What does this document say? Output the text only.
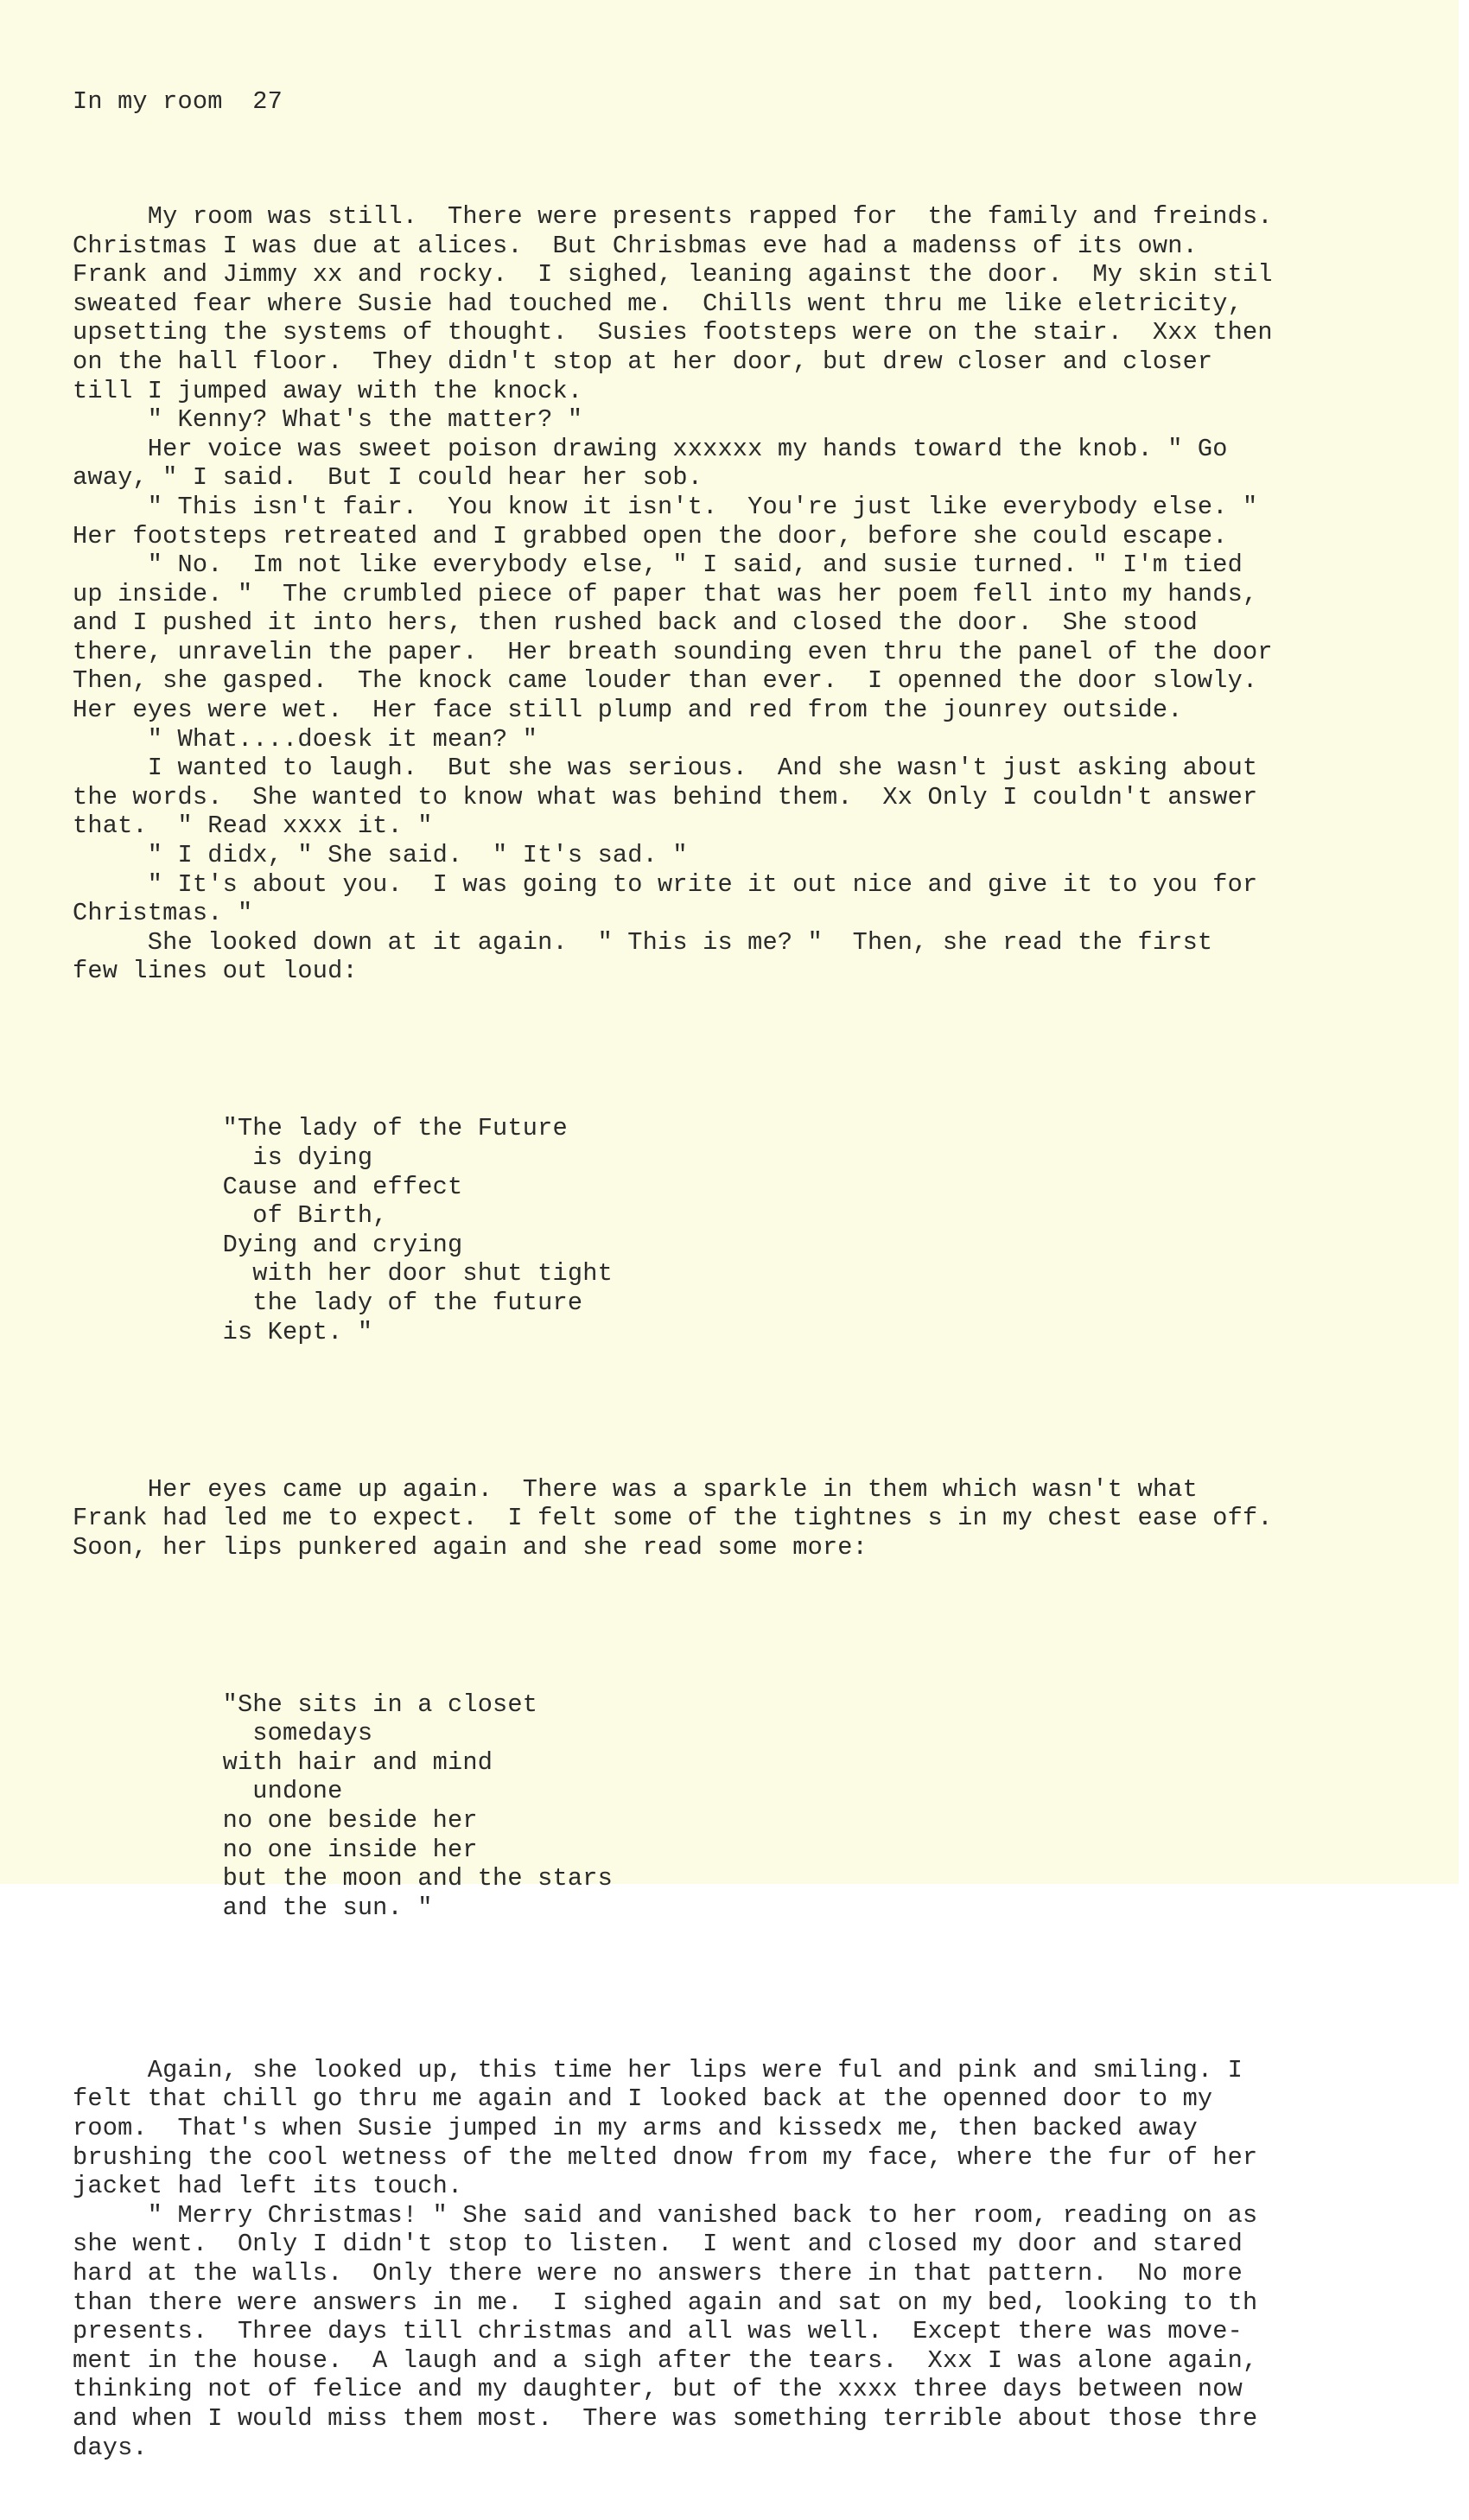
In my room  27

My room was still.  There were presents rapped for  the family and freinds.
Christmas I was due at alices.  But Chrisbmas eve had a madenss of its own.
Frank and Jimmy xx and rocky.  I sighed, leaning against the door.  My skin stil
sweated fear where Susie had touched me.  Chills went thru me like eletricity,
upsetting the systems of thought.  Susies footsteps were on the stair.  Xxx then
on the hall floor.  They didn't stop at her door, but drew closer and closer
till I jumped away with the knock.
" Kenny? What's the matter? "
Her voice was sweet poison drawing xxxxxx my hands toward the knob. " Go
away, " I said.  But I could hear her sob.
" This isn't fair.  You know it isn't.  You're just like everybody else. "
Her footsteps retreated and I grabbed open the door, before she could escape.
" No.  Im not like everybody else, " I said, and susie turned. " I'm tied
up inside. "  The crumbled piece of paper that was her poem fell into my hands,
and I pushed it into hers, then rushed back and closed the door.  She stood
there, unravelin the paper.  Her breath sounding even thru the panel of the door
Then, she gasped.  The knock came louder than ever.  I openned the door slowly.
Her eyes were wet.  Her face still plump and red from the jounrey outside.
" What....doesk it mean? "
I wanted to laugh.  But she was serious.  And she wasn't just asking about
the words.  She wanted to know what was behind them.  Xx Only I couldn't answer
that.  " Read xxxx it. "
" I didx, " She said.  " It's sad. "
" It's about you.  I was going to write it out nice and give it to you for
Christmas. "
She looked down at it again.  " This is me? "  Then, she read the first
few lines out loud:

"The lady of the Future
is dying
Cause and effect
of Birth,
Dying and crying
with her door shut tight
the lady of the future
is Kept. "

Her eyes came up again.  There was a sparkle in them which wasn't what
Frank had led me to expect.  I felt some of the tightnes s in my chest ease off.
Soon, her lips punkered again and she read some more:

"She sits in a closet
somedays
with hair and mind
undone
no one beside her
no one inside her
but the moon and the stars
and the sun. "

Again, she looked up, this time her lips were ful and pink and smiling. I
felt that chill go thru me again and I looked back at the openned door to my
room.  That's when Susie jumped in my arms and kissedx me, then backed away
brushing the cool wetness of the melted dnow from my face, where the fur of her
jacket had left its touch.
" Merry Christmas! " She said and vanished back to her room, reading on as
she went.  Only I didn't stop to listen.  I went and closed my door and stared
hard at the walls.  Only there were no answers there in that pattern.  No more
than there were answers in me.  I sighed again and sat on my bed, looking to th
presents.  Three days till christmas and all was well.  Except there was move-
ment in the house.  A laugh and a sigh after the tears.  Xxx I was alone again,
thinking not of felice and my daughter, but of the xxxx three days between now
and when I would miss them most.  There was something terrible about those thre
days.
